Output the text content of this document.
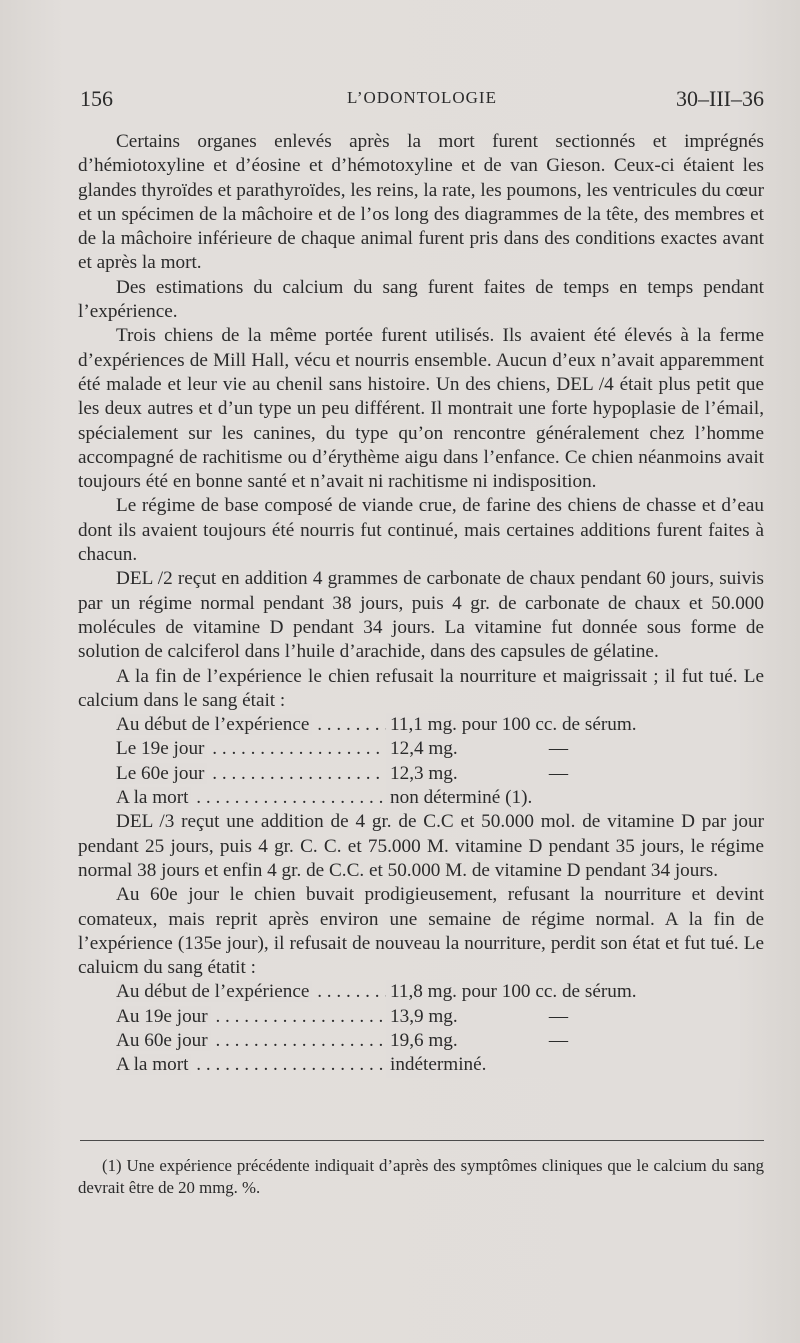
156	L’ODONTOLOGIE	30–III–36

Certains organes enlevés après la mort furent sectionnés et imprégnés d’hémiotoxyline et d’éosine et d’hémotoxyline et de van Gieson. Ceux-ci étaient les glandes thyroïdes et parathyroïdes, les reins, la rate, les poumons, les ventricules du cœur et un spécimen de la mâchoire et de l’os long des diagrammes de la tête, des membres et de la mâchoire inférieure de chaque animal furent pris dans des conditions exactes avant et après la mort.

Des estimations du calcium du sang furent faites de temps en temps pendant l’expérience.

Trois chiens de la même portée furent utilisés. Ils avaient été élevés à la ferme d’expériences de Mill Hall, vécu et nourris ensemble. Aucun d’eux n’avait apparemment été malade et leur vie au chenil sans histoire. Un des chiens, DEL /4 était plus petit que les deux autres et d’un type un peu différent. Il montrait une forte hypoplasie de l’émail, spécialement sur les canines, du type qu’on rencontre généralement chez l’homme accompagné de rachitisme ou d’érythème aigu dans l’enfance. Ce chien néanmoins avait toujours été en bonne santé et n’avait ni rachitisme ni indisposition.

Le régime de base composé de viande crue, de farine des chiens de chasse et d’eau dont ils avaient toujours été nourris fut continué, mais certaines additions furent faites à chacun.

DEL /2 reçut en addition 4 grammes de carbonate de chaux pendant 60 jours, suivis par un régime normal pendant 38 jours, puis 4 gr. de carbonate de chaux et 50.000 molécules de vitamine D pendant 34 jours. La vitamine fut donnée sous forme de solution de calciferol dans l’huile d’arachide, dans des capsules de gélatine.

A la fin de l’expérience le chien refusait la nourriture et maigrissait ; il fut tué. Le calcium dans le sang était :

Au début de l’expérience . . .	11,1 mg. pour 100 cc. de sérum.
Le 19e jour . . .	12,4 mg.                   —
Le 60e jour . . .	12,3 mg.                   —
A la mort . . .	non déterminé (1).

DEL /3 reçut une addition de 4 gr. de C.C et 50.000 mol. de vitamine D par jour pendant 25 jours, puis 4 gr. C. C. et 75.000 M. vitamine D pendant 35 jours, le régime normal 38 jours et enfin 4 gr. de C.C. et 50.000 M. de vitamine D pendant 34 jours.

Au 60e jour le chien buvait prodigieusement, refusant la nourriture et devint comateux, mais reprit après environ une semaine de régime normal. A la fin de l’expérience (135e jour), il refusait de nouveau la nourriture, perdit son état et fut tué. Le caluicm du sang étatit :

Au début de l’expérience . . .	11,8 mg. pour 100 cc. de sérum.
Au 19e jour . . .	13,9 mg.                   —
Au 60e jour . . .	19,6 mg.                   —
A la mort . . .	indéterminé.

(1) Une expérience précédente indiquait d’après des symptômes cliniques que le calcium du sang devrait être de 20 mmg. %.
